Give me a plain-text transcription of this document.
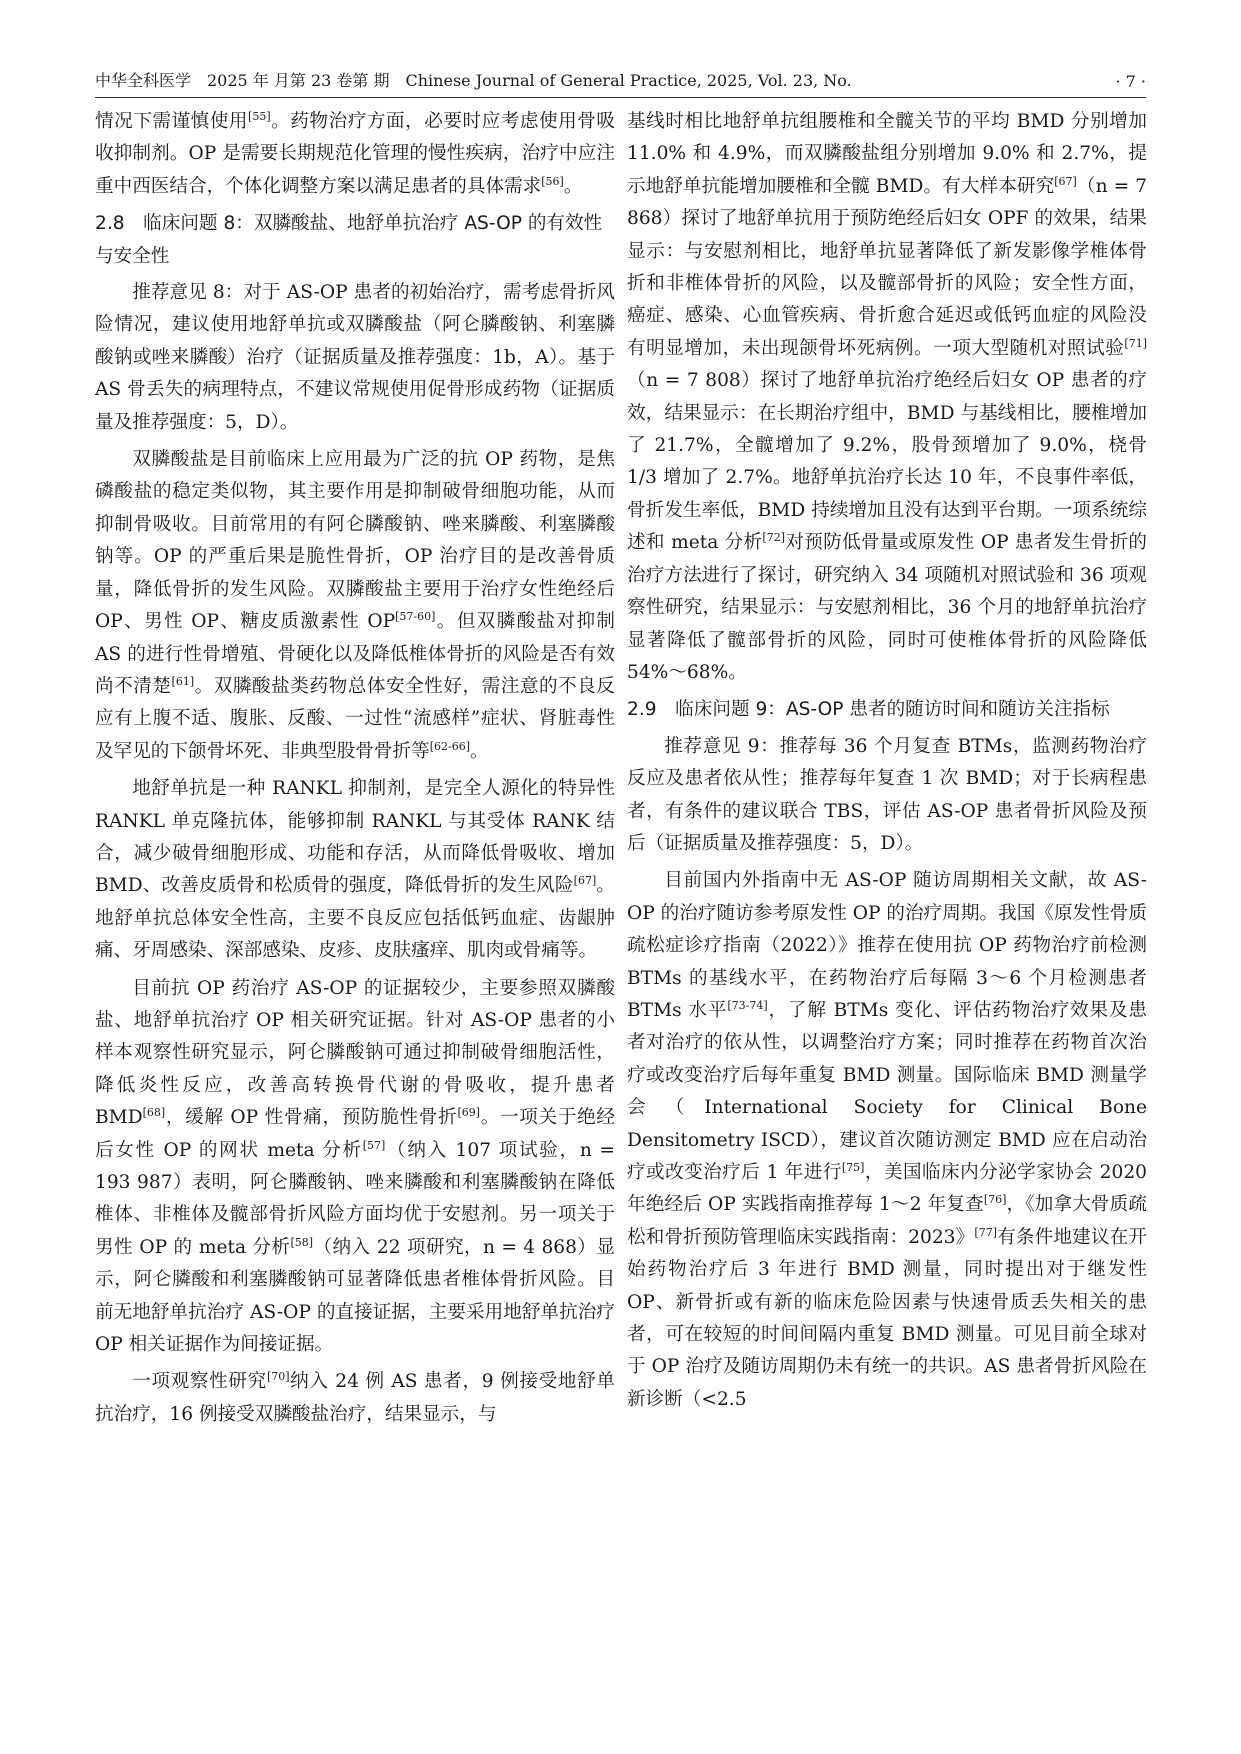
中华全科医学　2025 年 月第 23 卷第 期　Chinese Journal of General Practice, 2025, Vol. 23, No.	· 7 ·

情况下需谨慎使用[55]。药物治疗方面，必要时应考虑使用骨吸收抑制剂。OP 是需要长期规范化管理的慢性疾病，治疗中应注重中西医结合，个体化调整方案以满足患者的具体需求[56]。

2.8　临床问题 8：双膦酸盐、地舒单抗治疗 AS-OP 的有效性与安全性

推荐意见 8：对于 AS-OP 患者的初始治疗，需考虑骨折风险情况，建议使用地舒单抗或双膦酸盐（阿仑膦酸钠、利塞膦酸钠或唑来膦酸）治疗（证据质量及推荐强度：1b，A）。基于 AS 骨丢失的病理特点，不建议常规使用促骨形成药物（证据质量及推荐强度：5，D）。

双膦酸盐是目前临床上应用最为广泛的抗 OP 药物，是焦磷酸盐的稳定类似物，其主要作用是抑制破骨细胞功能，从而抑制骨吸收。目前常用的有阿仑膦酸钠、唑来膦酸、利塞膦酸钠等。OP 的严重后果是脆性骨折，OP 治疗目的是改善骨质量，降低骨折的发生风险。双膦酸盐主要用于治疗女性绝经后 OP、男性 OP、糖皮质激素性 OP[57-60]。但双膦酸盐对抑制 AS 的进行性骨增殖、骨硬化以及降低椎体骨折的风险是否有效尚不清楚[61]。双膦酸盐类药物总体安全性好，需注意的不良反应有上腹不适、腹胀、反酸、一过性“流感样”症状、肾脏毒性及罕见的下颌骨坏死、非典型股骨骨折等[62-66]。

地舒单抗是一种 RANKL 抑制剂，是完全人源化的特异性 RANKL 单克隆抗体，能够抑制 RANKL 与其受体 RANK 结合，减少破骨细胞形成、功能和存活，从而降低骨吸收、增加 BMD、改善皮质骨和松质骨的强度，降低骨折的发生风险[67]。地舒单抗总体安全性高，主要不良反应包括低钙血症、齿龈肿痛、牙周感染、深部感染、皮疹、皮肤瘙痒、肌肉或骨痛等。

目前抗 OP 药治疗 AS-OP 的证据较少，主要参照双膦酸盐、地舒单抗治疗 OP 相关研究证据。针对 AS-OP 患者的小样本观察性研究显示，阿仑膦酸钠可通过抑制破骨细胞活性，降低炎性反应，改善高转换骨代谢的骨吸收，提升患者 BMD[68]，缓解 OP 性骨痛，预防脆性骨折[69]。一项关于绝经后女性 OP 的网状 meta 分析[57]（纳入 107 项试验，n = 193 987）表明，阿仑膦酸钠、唑来膦酸和利塞膦酸钠在降低椎体、非椎体及髋部骨折风险方面均优于安慰剂。另一项关于男性 OP 的 meta 分析[58]（纳入 22 项研究，n = 4 868）显示，阿仑膦酸和利塞膦酸钠可显著降低患者椎体骨折风险。目前无地舒单抗治疗 AS-OP 的直接证据，主要采用地舒单抗治疗 OP 相关证据作为间接证据。

一项观察性研究[70]纳入 24 例 AS 患者，9 例接受地舒单抗治疗，16 例接受双膦酸盐治疗，结果显示，与

基线时相比地舒单抗组腰椎和全髋关节的平均 BMD 分别增加 11.0% 和 4.9%，而双膦酸盐组分别增加 9.0% 和 2.7%，提示地舒单抗能增加腰椎和全髋 BMD。有大样本研究[67]（n = 7 868）探讨了地舒单抗用于预防绝经后妇女 OPF 的效果，结果显示：与安慰剂相比，地舒单抗显著降低了新发影像学椎体骨折和非椎体骨折的风险，以及髋部骨折的风险；安全性方面，癌症、感染、心血管疾病、骨折愈合延迟或低钙血症的风险没有明显增加，未出现颌骨坏死病例。一项大型随机对照试验[71]（n = 7 808）探讨了地舒单抗治疗绝经后妇女 OP 患者的疗效，结果显示：在长期治疗组中，BMD 与基线相比，腰椎增加了 21.7%，全髋增加了 9.2%，股骨颈增加了 9.0%，桡骨 1/3 增加了 2.7%。地舒单抗治疗长达 10 年，不良事件率低，骨折发生率低，BMD 持续增加且没有达到平台期。一项系统综述和 meta 分析[72]对预防低骨量或原发性 OP 患者发生骨折的治疗方法进行了探讨，研究纳入 34 项随机对照试验和 36 项观察性研究，结果显示：与安慰剂相比，36 个月的地舒单抗治疗显著降低了髋部骨折的风险，同时可使椎体骨折的风险降低 54%～68%。

2.9　临床问题 9：AS-OP 患者的随访时间和随访关注指标

推荐意见 9：推荐每 36 个月复查 BTMs，监测药物治疗反应及患者依从性；推荐每年复查 1 次 BMD；对于长病程患者，有条件的建议联合 TBS，评估 AS-OP 患者骨折风险及预后（证据质量及推荐强度：5，D）。

目前国内外指南中无 AS-OP 随访周期相关文献，故 AS-OP 的治疗随访参考原发性 OP 的治疗周期。我国《原发性骨质疏松症诊疗指南（2022）》推荐在使用抗 OP 药物治疗前检测 BTMs 的基线水平，在药物治疗后每隔 3～6 个月检测患者 BTMs 水平[73-74]，了解 BTMs 变化、评估药物治疗效果及患者对治疗的依从性，以调整治疗方案；同时推荐在药物首次治疗或改变治疗后每年重复 BMD 测量。国际临床 BMD 测量学会（International Society for Clinical Bone Densitometry ISCD），建议首次随访测定 BMD 应在启动治疗或改变治疗后 1 年进行[75]，美国临床内分泌学家协会 2020 年绝经后 OP 实践指南推荐每 1～2 年复查[76]，《加拿大骨质疏松和骨折预防管理临床实践指南：2023》[77]有条件地建议在开始药物治疗后 3 年进行 BMD 测量，同时提出对于继发性 OP、新骨折或有新的临床危险因素与快速骨质丢失相关的患者，可在较短的时间间隔内重复 BMD 测量。可见目前全球对于 OP 治疗及随访周期仍未有统一的共识。AS 患者骨折风险在新诊断（<2.5
